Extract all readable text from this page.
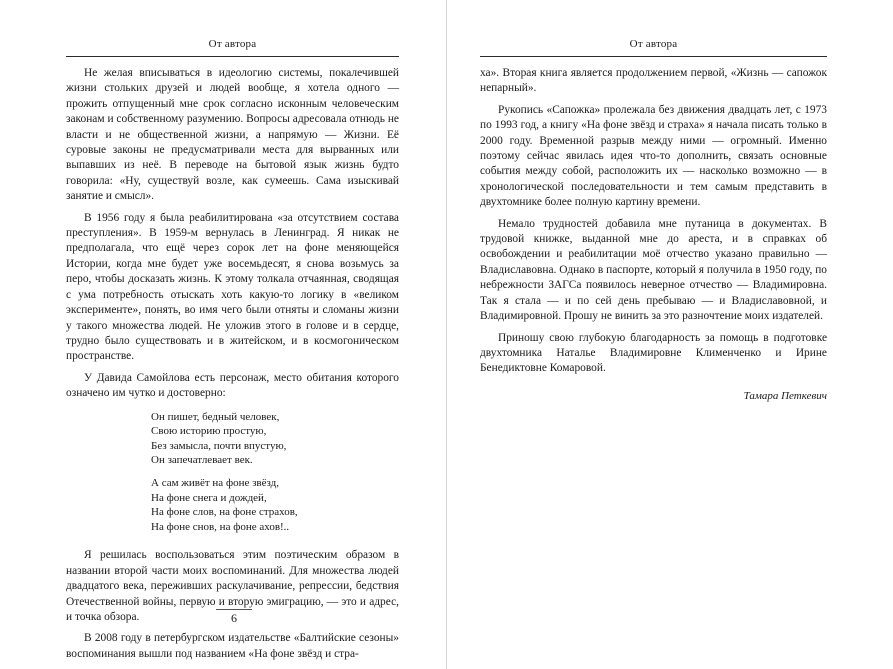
От автора

Не желая вписываться в идеологию системы, покалечившей жизни стольких друзей и людей вообще, я хотела одного — прожить отпущенный мне срок согласно исконным человеческим законам и собственному разумению. Вопросы адресовала отнюдь не власти и не общественной жизни, а напрямую — Жизни. Её суровые законы не предусматривали места для вырванных или выпавших из неё. В переводе на бытовой язык жизнь будто говорила: «Ну, существуй возле, как сумеешь. Сама изыскивай занятие и смысл».

В 1956 году я была реабилитирована «за отсутствием состава преступления». В 1959-м вернулась в Ленинград. Я никак не предполагала, что ещё через сорок лет на фоне меняющейся Истории, когда мне будет уже восемьдесят, я снова возьмусь за перо, чтобы досказать жизнь. К этому толкала отчаянная, сводящая с ума потребность отыскать хоть какую-то логику в «великом эксперименте», понять, во имя чего были отняты и сломаны жизни у такого множества людей. Не уложив этого в голове и в сердце, трудно было существовать и в житейском, и в космогоническом пространстве.

У Давида Самойлова есть персонаж, место обитания которого означено им чутко и достоверно:

Он пишет, бедный человек,
Свою историю простую,
Без замысла, почти впустую,
Он запечатлевает век.
А сам живёт на фоне звёзд,
На фоне снега и дождей,
На фоне слов, на фоне страхов,
На фоне снов, на фоне ахов!..

Я решилась воспользоваться этим поэтическим образом в названии второй части моих воспоминаний. Для множества людей двадцатого века, переживших раскулачивание, репрессии, бедствия Отечественной войны, первую и вторую эмиграцию, — это и адрес, и точка обзора.

В 2008 году в петербургском издательстве «Балтийские сезоны» воспоминания вышли под названием «На фоне звёзд и стра-

6
От автора

ха». Вторая книга является продолжением первой, «Жизнь — сапожок непарный».

Рукопись «Сапожка» пролежала без движения двадцать лет, с 1973 по 1993 год, а книгу «На фоне звёзд и страха» я начала писать только в 2000 году. Временной разрыв между ними — огромный. Именно поэтому сейчас явилась идея что-то дополнить, связать основные события между собой, расположить их — насколько возможно — в хронологической последовательности и тем самым представить в двухтомнике более полную картину времени.

Немало трудностей добавила мне путаница в документах. В трудовой книжке, выданной мне до ареста, и в справках об освобождении и реабилитации моё отчество указано правильно — Владиславовна. Однако в паспорте, который я получила в 1950 году, по небрежности ЗАГСа появилось неверное отчество — Владимировна. Так я стала — и по сей день пребываю — и Владиславовной, и Владимировной. Прошу не винить за это разночтение моих издателей.

Приношу свою глубокую благодарность за помощь в подготовке двухтомника Наталье Владимировне Клименченко и Ирине Бенедиктовне Комаровой.

Тамара Петкевич
